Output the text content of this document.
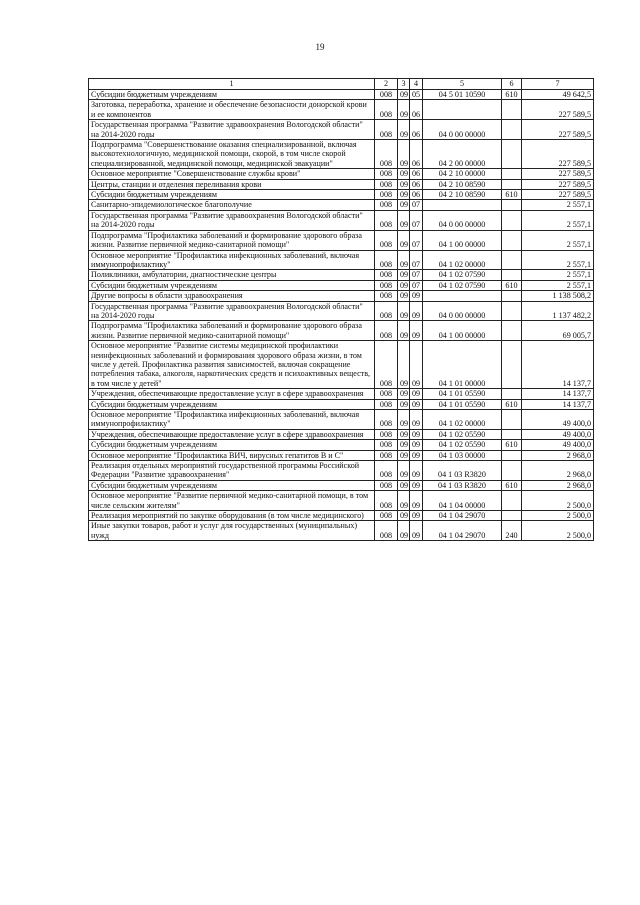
19
1	2	3	4	5	6	7
Субсидии бюджетным учреждениям	008	09	05	04 5 01 10590	610	49 642,5
Заготовка, переработка, хранение и обеспечение безопасности донорской крови и ее компонентов	008	09	06			227 589,5
Государственная программа "Развитие здравоохранения Вологодской области" на 2014-2020 годы	008	09	06	04 0 00 00000		227 589,5
Подпрограмма "Совершенствование оказания специализированной, включая высокотехнологичную, медицинской помощи, скорой, в том числе скорой специализированной, медицинской помощи, медицинской эвакуации"	008	09	06	04 2 00 00000		227 589,5
Основное мероприятие "Совершенствование службы крови"	008	09	06	04 2 10 00000		227 589,5
Центры, станции и отделения переливания крови	008	09	06	04 2 10 08590		227 589,5
Субсидии бюджетным учреждениям	008	09	06	04 2 10 08590	610	227 589,5
Санитарно-эпидемиологическое благополучие	008	09	07			2 557,1
Государственная программа "Развитие здравоохранения Вологодской области" на 2014-2020 годы	008	09	07	04 0 00 00000		2 557,1
Подпрограмма "Профилактика заболеваний и формирование здорового образа жизни. Развитие первичной медико-санитарной помощи"	008	09	07	04 1 00 00000		2 557,1
Основное мероприятие "Профилактика инфекционных заболеваний, включая иммунопрофилактику"	008	09	07	04 1 02 00000		2 557,1
Поликлиники, амбулатории, диагностические центры	008	09	07	04 1 02 07590		2 557,1
Субсидии бюджетным учреждениям	008	09	07	04 1 02 07590	610	2 557,1
Другие вопросы в области здравоохранения	008	09	09			1 138 508,2
Государственная программа "Развитие здравоохранения Вологодской области" на 2014-2020 годы	008	09	09	04 0 00 00000		1 137 482,2
Подпрограмма "Профилактика заболеваний и формирование здорового образа жизни. Развитие первичной медико-санитарной помощи"	008	09	09	04 1 00 00000		69 005,7
Основное мероприятие "Развитие системы медицинской профилактики неинфекционных заболеваний и формирования здорового образа жизни, в том числе у детей. Профилактика развития зависимостей, включая сокращение потребления табака, алкоголя, наркотических средств и психоактивных веществ, в том числе у детей"	008	09	09	04 1 01 00000		14 137,7
Учреждения, обеспечивающие предоставление услуг в сфере здравоохранения	008	09	09	04 1 01 05590		14 137,7
Субсидии бюджетным учреждениям	008	09	09	04 1 01 05590	610	14 137,7
Основное мероприятие "Профилактика инфекционных заболеваний, включая иммунопрофилактику"	008	09	09	04 1 02 00000		49 400,0
Учреждения, обеспечивающие предоставление услуг в сфере здравоохранения	008	09	09	04 1 02 05590		49 400,0
Субсидии бюджетным учреждениям	008	09	09	04 1 02 05590	610	49 400,0
Основное мероприятие "Профилактика ВИЧ, вирусных гепатитов В и С"	008	09	09	04 1 03 00000		2 968,0
Реализация отдельных мероприятий государственной программы Российской Федерации "Развитие здравоохранения"	008	09	09	04 1 03 R3820		2 968,0
Субсидии бюджетным учреждениям	008	09	09	04 1 03 R3820	610	2 968,0
Основное мероприятие "Развитие первичной медико-санитарной помощи, в том числе сельским жителям"	008	09	09	04 1 04 00000		2 500,0
Реализация мероприятий по закупке оборудования (в том числе медицинского)	008	09	09	04 1 04 29070		2 500,0
Иные закупки товаров, работ и услуг для государственных (муниципальных) нужд	008	09	09	04 1 04 29070	240	2 500,0
